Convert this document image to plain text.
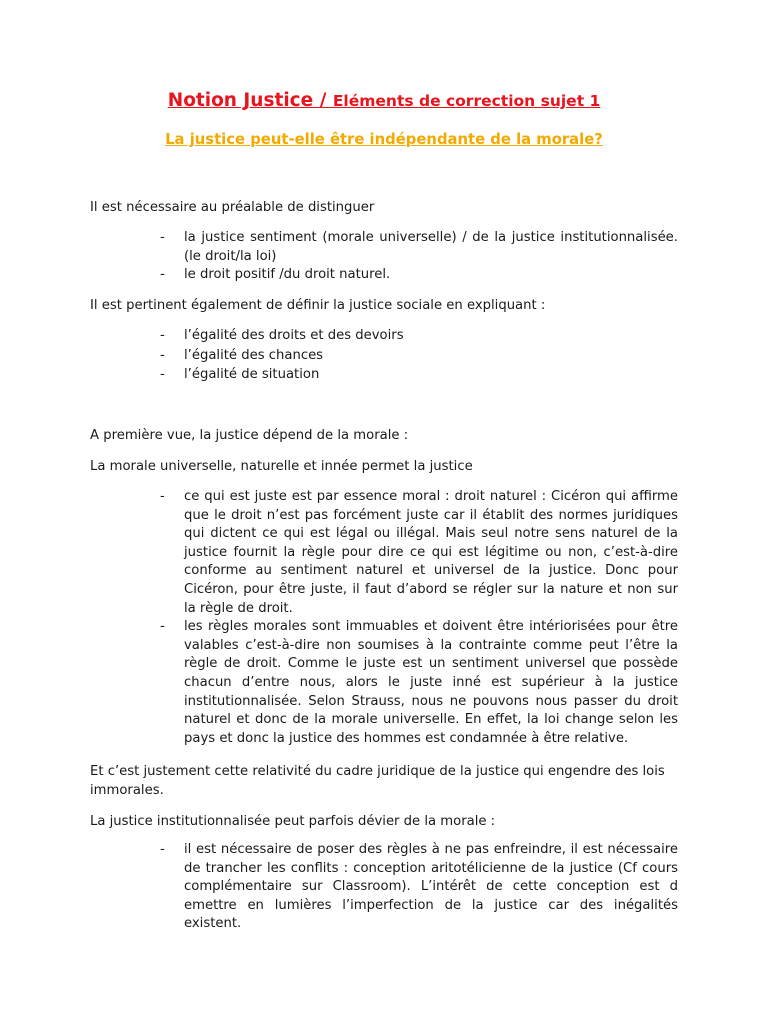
Notion Justice / Eléments de correction sujet 1
La justice peut-elle être indépendante de la morale?
Il est nécessaire au préalable de distinguer
- la justice sentiment (morale universelle) / de la justice institutionnalisée. (le droit/la loi)
- le droit positif /du droit naturel.
Il est pertinent également de définir la justice sociale en expliquant :
- l’égalité des droits et des devoirs
- l’égalité des chances
- l’égalité de situation
A première vue, la justice dépend de la morale :
La morale universelle, naturelle et innée permet la justice
- ce qui est juste est par essence moral : droit naturel : Cicéron qui affirme que le droit n’est pas forcément juste car il établit des normes juridiques qui dictent ce qui est légal ou illégal. Mais seul notre sens naturel de la justice fournit la règle pour dire ce qui est légitime ou non, c’est-à-dire conforme au sentiment naturel et universel de la justice. Donc pour Cicéron, pour être juste, il faut d’abord se régler sur la nature et non sur la règle de droit.
- les règles morales sont immuables et doivent être intériorisées pour être valables c’est-à-dire non soumises à la contrainte comme peut l’être la règle de droit. Comme le juste est un sentiment universel que possède chacun d’entre nous, alors le juste inné est supérieur à la justice institutionnalisée. Selon Strauss, nous ne pouvons nous passer du droit naturel et donc de la morale universelle. En effet, la loi change selon les pays et donc la justice des hommes est condamnée à être relative.
Et c’est justement cette relativité du cadre juridique de la justice qui engendre des lois immorales.
La justice institutionnalisée peut parfois dévier de la morale :
- il est nécessaire de poser des règles à ne pas enfreindre, il est nécessaire de trancher les conflits : conception aritotélicienne de la justice (Cf cours complémentaire sur Classroom). L’intérêt de cette conception est d emettre en lumières l’imperfection de la justice car des inégalités existent.
